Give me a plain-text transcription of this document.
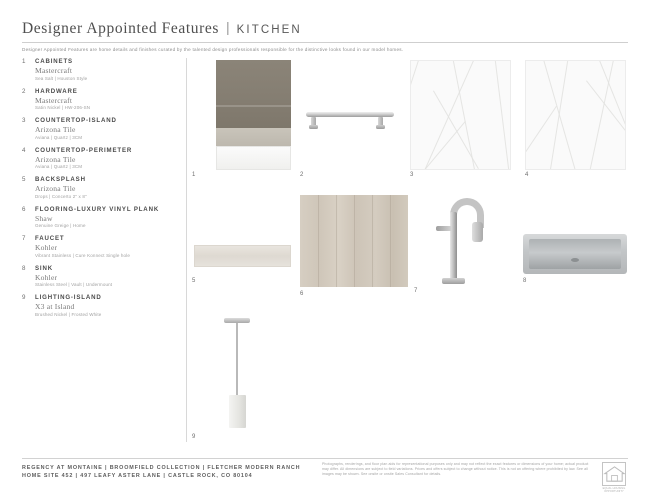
Designer Appointed Features | KITCHEN
Designer Appointed Features are home details and finishes curated by the talented design professionals responsible for the distinctive looks found in our model homes.
1 CABINETS
Mastercraft
Sea Salt | Houston Style
2 HARDWARE
Mastercraft
Satin Nickel | HW-206-SN
3 COUNTERTOP-ISLAND
Arizona Tile
Aviana | Quartz | 3CM
4 COUNTERTOP-PERIMETER
Arizona Tile
Aviana | Quartz | 3CM
5 BACKSPLASH
Arizona Tile
Drops | Concerto 2" x 8"
6 FLOORING-LUXURY VINYL PLANK
Shaw
Genuine Greige | Home
7 FAUCET
Kohler
Vibrant Stainless | Cure Konnect Single hole
8 SINK
Kohler
Stainless Steel | Vault | Undermount
9 LIGHTING-ISLAND
X3 at Island
Brushed Nickel | Frosted White
1	2	3	4
5
6	7
8
9
REGENCY AT MONTAINE | BROOMFIELD COLLECTION | FLETCHER MODERN RANCH
HOME SITE 452 | 497 LEAFY ASTER LANE | CASTLE ROCK, CO 80104
Photographs, renderings, and floor plan aids for representational purposes only and may not reflect the exact features or dimensions of your home; actual product may differ. All dimensions are subject to field variations. Prices and offers subject to change without notice. This is not an offering where prohibited by law. See all images may be shown. See onsite or onsite Sales Consultant for details.
EQUAL HOUSING OPPORTUNITY
